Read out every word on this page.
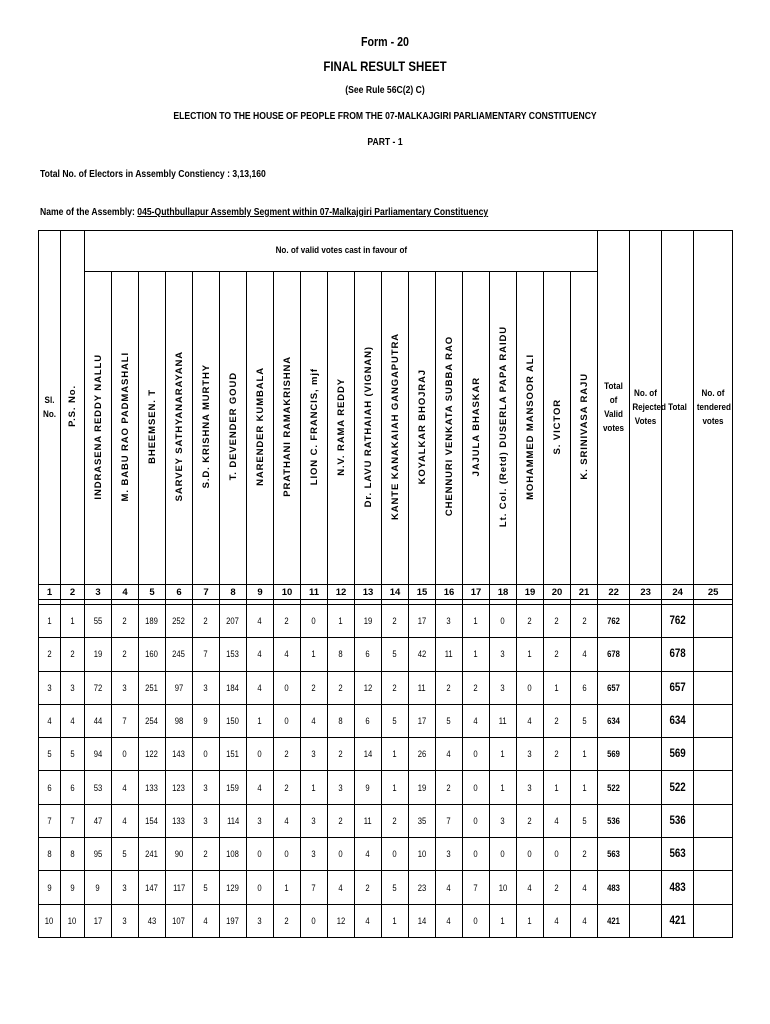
Form - 20
FINAL RESULT SHEET
(See Rule 56C(2) C)
ELECTION TO THE HOUSE OF PEOPLE FROM THE 07-MALKAJGIRI PARLIAMENTARY CONSTITUENCY
PART - 1
Total No. of Electors in Assembly Constiency : 3,13,160
Name of the Assembly: 045-Quthbullapur Assembly Segment within 07-Malkajgiri Parliamentary Constituency
Sl. No.	P.S. No.	No. of valid votes cast in favour of																			Total of Valid votes	No. of Rejected Votes	Total	No. of tendered votes

		INDRASENA REDDY NALLU	M. BABU RAO PADMASHALI	BHEEMSEN. T	SARVEY SATHYANARAYANA	S.D. KRISHNA MURTHY	T. DEVENDER GOUD	NARENDER KUMBALA	PRATHANI RAMAKRISHNA	LION C. FRANCIS, mjf	N.V. RAMA REDDY	Dr. LAVU RATHAIAH (VIGNAN)	KANTE KANAKAIAH GANGAPUTRA	KOYALKAR BHOJRAJ	CHENNURI VENKATA SUBBA RAO	JAJULA BHASKAR	Lt. Col. (Retd) DUSERLA PAPA RAIDU	MOHAMMED MANSOOR ALI	S. VICTOR	K. SRINIVASA RAJU				
1	2	3	4	5	6	7	8	9	10	11	12	13	14	15	16	17	18	19	20	21	22	23	24	25

1	1	55	2	189	252	2	207	4	2	0	1	19	2	17	3	1	0	2	2	2	762		762	
2	2	19	2	160	245	7	153	4	4	1	8	6	5	42	11	1	3	1	2	4	678		678	
3	3	72	3	251	97	3	184	4	0	2	2	12	2	11	2	2	3	0	1	6	657		657	
4	4	44	7	254	98	9	150	1	0	4	8	6	5	17	5	4	11	4	2	5	634		634	
5	5	94	0	122	143	0	151	0	2	3	2	14	1	26	4	0	1	3	2	1	569		569	
6	6	53	4	133	123	3	159	4	2	1	3	9	1	19	2	0	1	3	1	1	522		522	
7	7	47	4	154	133	3	114	3	4	3	2	11	2	35	7	0	3	2	4	5	536		536	
8	8	95	5	241	90	2	108	0	0	3	0	4	0	10	3	0	0	0	0	2	563		563	
9	9	9	3	147	117	5	129	0	1	7	4	2	5	23	4	7	10	4	2	4	483		483	
10	10	17	3	43	107	4	197	3	2	0	12	4	1	14	4	0	1	1	4	4	421		421	
